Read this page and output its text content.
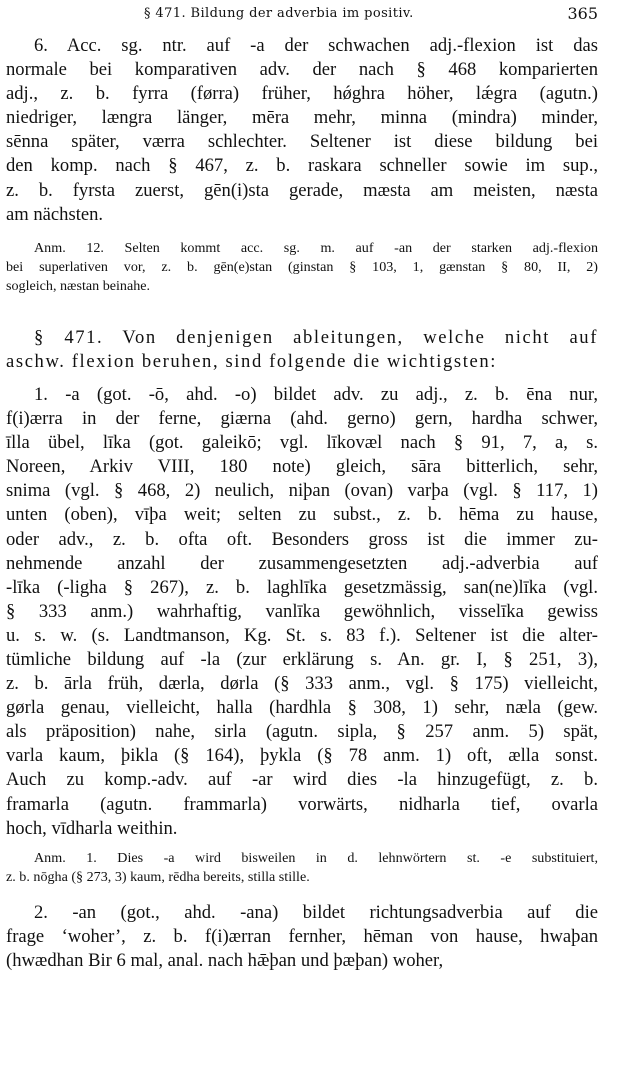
§ 471. Bildung der adverbia im positiv.	365
6. Acc. sg. ntr. auf -a der schwachen adj.-flexion ist das
normale bei komparativen adv. der nach § 468 komparierten
adj., z. b. fyrra (førra) früher, hǿghra höher, lǽgra (agutn.)
niedriger, længra länger, mēra mehr, minna (mindra) minder,
sēnna später, værra schlechter. Seltener ist diese bildung bei
den komp. nach § 467, z. b. raskara schneller sowie im sup.,
z. b. fyrsta zuerst, gēn(i)sta gerade, mæsta am meisten, næsta
am nächsten.
Anm. 12. Selten kommt acc. sg. m. auf -an der starken adj.-flexion
bei superlativen vor, z. b. gēn(e)stan (ginstan § 103, 1, gænstan § 80, II, 2)
sogleich, næstan beinahe.
§ 471. Von denjenigen ableitungen, welche nicht auf
aschw. flexion beruhen, sind folgende die wichtigsten:
1. -a (got. -ō, ahd. -o) bildet adv. zu adj., z. b. ēna nur,
f(i)ærra in der ferne, giærna (ahd. gerno) gern, hardha schwer,
īlla übel, līka (got. galeikō; vgl. līkovæl nach § 91, 7, a, s.
Noreen, Arkiv VIII, 180 note) gleich, sāra bitterlich, sehr,
snima (vgl. § 468, 2) neulich, niþan (ovan) varþa (vgl. § 117, 1)
unten (oben), vīþa weit; selten zu subst., z. b. hēma zu hause,
oder adv., z. b. ofta oft. Besonders gross ist die immer zu-
nehmende anzahl der zusammengesetzten adj.-adverbia auf
-līka (-ligha § 267), z. b. laghlīka gesetzmässig, san(ne)līka (vgl.
§ 333 anm.) wahrhaftig, vanlīka gewöhnlich, visselīka gewiss
u. s. w. (s. Landtmanson, Kg. St. s. 83 f.). Seltener ist die alter-
tümliche bildung auf -la (zur erklärung s. An. gr. I, § 251, 3),
z. b. ārla früh, dærla, dørla (§ 333 anm., vgl. § 175) vielleicht,
gørla genau, vielleicht, halla (hardhla § 308, 1) sehr, næla (gew.
als präposition) nahe, sirla (agutn. sipla, § 257 anm. 5) spät,
varla kaum, þikla (§ 164), þykla (§ 78 anm. 1) oft, ælla sonst.
Auch zu komp.-adv. auf -ar wird dies -la hinzugefügt, z. b.
framarla (agutn. frammarla) vorwärts, nidharla tief, ovarla
hoch, vīdharla weithin.
Anm. 1. Dies -a wird bisweilen in d. lehnwörtern st. -e substituiert,
z. b. nōgha (§ 273, 3) kaum, rēdha bereits, stilla stille.
2. -an (got., ahd. -ana) bildet richtungsadverbia auf die
frage ‘woher’, z. b. f(i)ærran fernher, hēman von hause, hwaþan
(hwædhan Bir 6 mal, anal. nach hǣþan und þæþan) woher,
